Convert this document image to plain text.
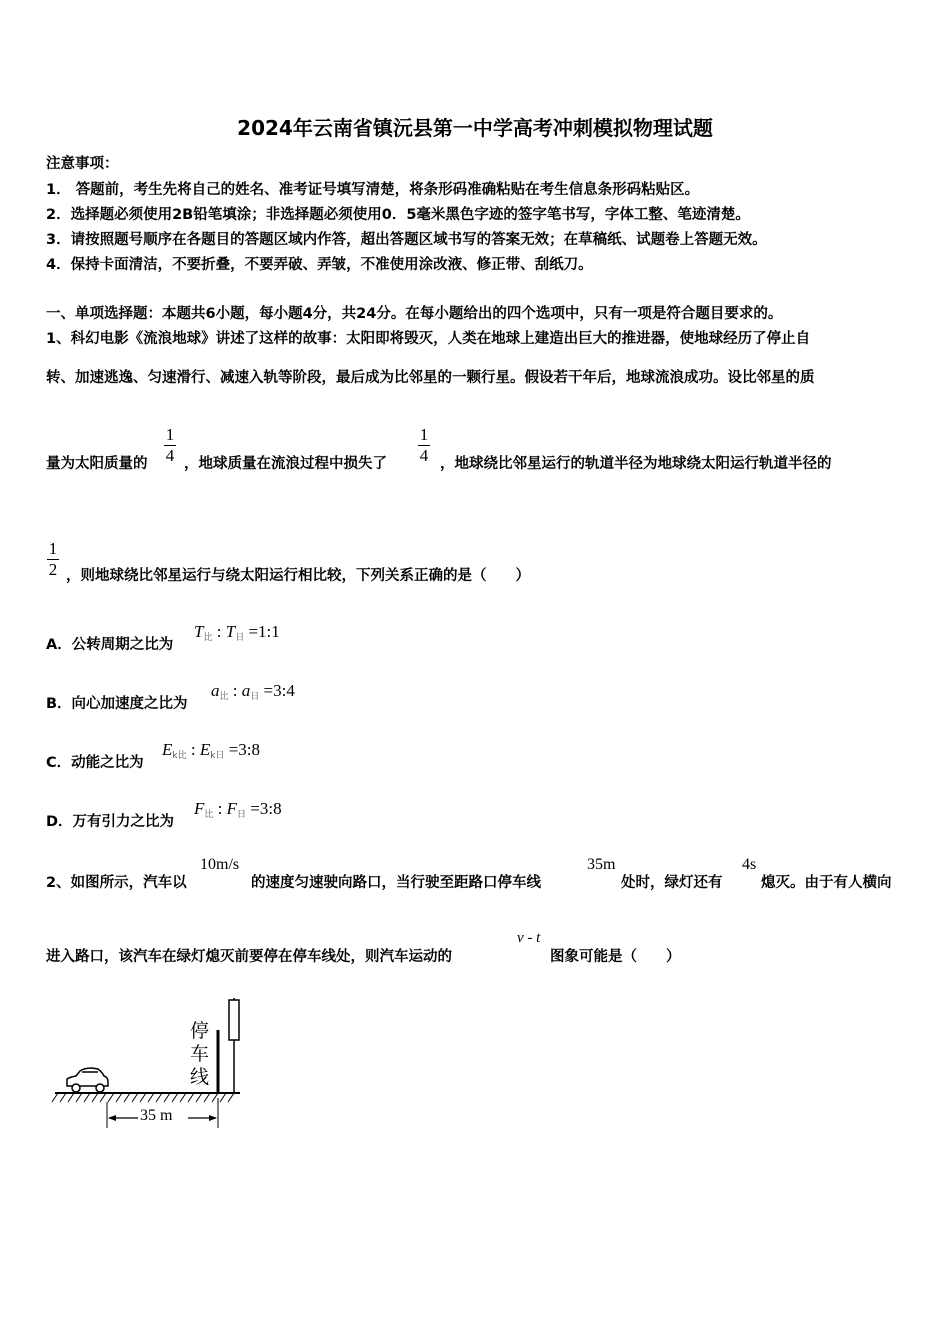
2024年云南省镇沅县第一中学高考冲刺模拟物理试题
注意事项：
1． 答题前，考生先将自己的姓名、准考证号填写清楚，将条形码准确粘贴在考生信息条形码粘贴区。
2．选择题必须使用2B铅笔填涂；非选择题必须使用0．5毫米黑色字迹的签字笔书写，字体工整、笔迹清楚。
3．请按照题号顺序在各题目的答题区域内作答，超出答题区域书写的答案无效；在草稿纸、试题卷上答题无效。
4．保持卡面清洁，不要折叠，不要弄破、弄皱，不准使用涂改液、修正带、刮纸刀。
一、单项选择题：本题共6小题，每小题4分，共24分。在每小题给出的四个选项中，只有一项是符合题目要求的。
1、科幻电影《流浪地球》讲述了这样的故事：太阳即将毁灭，人类在地球上建造出巨大的推进器，使地球经历了停止自
转、加速逃逸、匀速滑行、减速入轨等阶段，最后成为比邻星的一颗行星。假设若干年后，地球流浪成功。设比邻星的质
量为太阳质量的
1
4 ，地球质量在流浪过程中损失了
1
4 ，地球绕比邻星运行的轨道半径为地球绕太阳运行轨道半径的
1
2 ，则地球绕比邻星运行与绕太阳运行相比较，下列关系正确的是（　　）
A．公转周期之比为
$T_比$ : $T_日$ =1:1
B．向心加速度之比为
$a_比$ : $a_日$ =3:4
C．动能之比为
$E_{k比}$ : $E_{k日}$ =3:8
D．万有引力之比为
$F_比$ : $F_日$ =3:8
2、如图所示，汽车以
10m/s
的速度匀速驶向路口，当行驶至距路口停车线
35m
处时，绿灯还有
4s
熄灭。由于有人横向
进入路口，该汽车在绿灯熄灭前要停在停车线处，则汽车运动的
v - t
图象可能是（　　）
35 m
停车线
